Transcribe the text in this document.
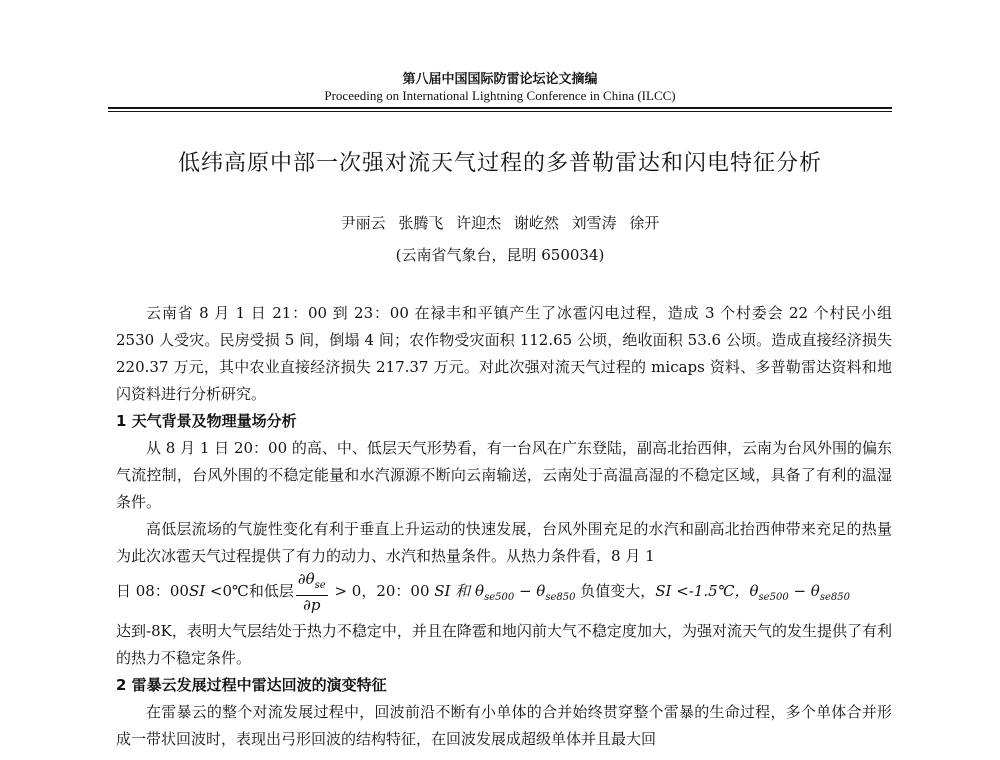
第八届中国国际防雷论坛论文摘编
Proceeding on International Lightning Conference in China (ILCC)
低纬高原中部一次强对流天气过程的多普勒雷达和闪电特征分析
尹丽云 张腾飞 许迎杰 谢屹然 刘雪涛 徐开
(云南省气象台，昆明 650034)

云南省 8 月 1 日 21：00 到 23：00 在禄丰和平镇产生了冰雹闪电过程，造成 3 个村委会 22 个村民小组 2530 人受灾。民房受损 5 间，倒塌 4 间；农作物受灾面积 112.65 公顷，绝收面积 53.6 公顷。造成直接经济损失 220.37 万元，其中农业直接经济损失 217.37 万元。对此次强对流天气过程的 micaps 资料、多普勒雷达资料和地闪资料进行分析研究。

1 天气背景及物理量场分析

从 8 月 1 日 20：00 的高、中、低层天气形势看，有一台风在广东登陆，副高北抬西伸，云南为台风外围的偏东气流控制，台风外围的不稳定能量和水汽源源不断向云南输送，云南处于高温高湿的不稳定区域，具备了有利的温湿条件。

高低层流场的气旋性变化有利于垂直上升运动的快速发展，台风外围充足的水汽和副高北抬西伸带来充足的热量为此次冰雹天气过程提供了有力的动力、水汽和热量条件。从热力条件看，8 月 1

日 08：00SI <0℃和低层 $\frac{\partial\theta_{se}}{\partial p} > 0$，20：00 SI 和 $\theta_{se500} - \theta_{se850}$ 负值变大，SI <-1.5℃，$\theta_{se500} - \theta_{se850}$

达到-8K，表明大气层结处于热力不稳定中，并且在降雹和地闪前大气不稳定度加大，为强对流天气的发生提供了有利的热力不稳定条件。

2 雷暴云发展过程中雷达回波的演变特征

在雷暴云的整个对流发展过程中，回波前沿不断有小单体的合并始终贯穿整个雷暴的生命过程，多个单体合并形成一带状回波时，表现出弓形回波的结构特征，在回波发展成超级单体并且最大回
